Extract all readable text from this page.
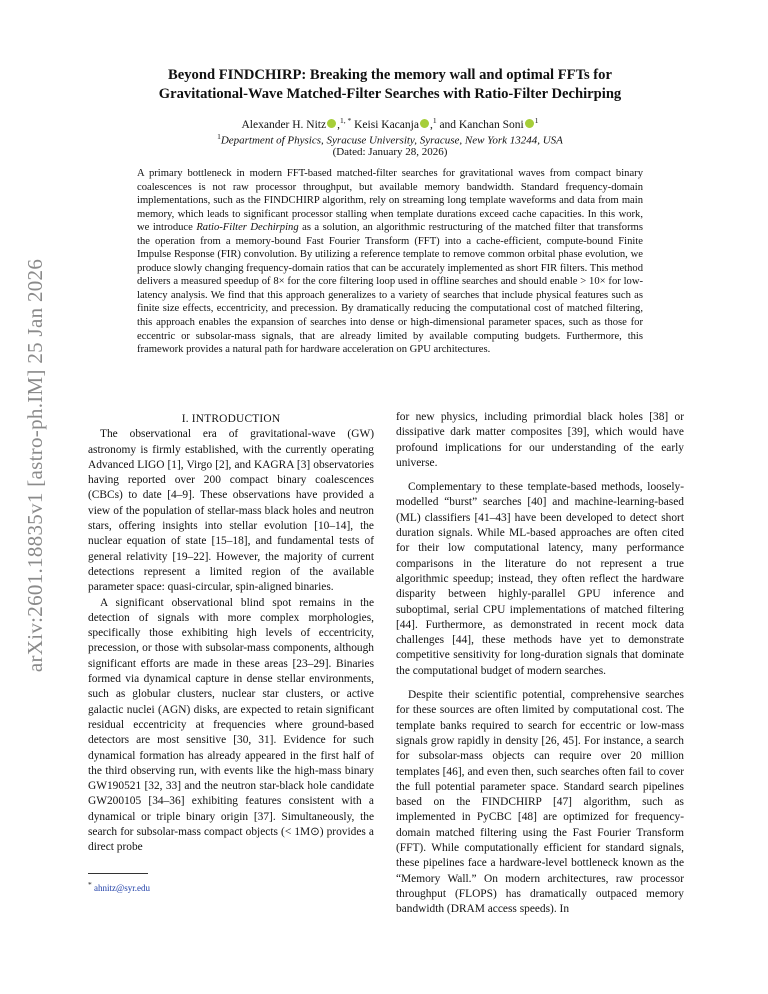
arXiv:2601.18835v1 [astro-ph.IM] 25 Jan 2026
Beyond FINDCHIRP: Breaking the memory wall and optimal FFTs for
Gravitational-Wave Matched-Filter Searches with Ratio-Filter Dechirping
Alexander H. Nitz ,$^{1, *}$ Keisi Kacanja ,$^1$ and Kanchan Soni $^1$
$^1$Department of Physics, Syracuse University, Syracuse, New York 13244, USA
(Dated: January 28, 2026)
A primary bottleneck in modern FFT-based matched-filter searches for gravitational waves from compact binary coalescences is not raw processor throughput, but available memory bandwidth. Standard frequency-domain implementations, such as the FINDCHIRP algorithm, rely on streaming long template waveforms and data from main memory, which leads to significant processor stalling when template durations exceed cache capacities. In this work, we introduce Ratio-Filter Dechirping as a solution, an algorithmic restructuring of the matched filter that transforms the operation from a memory-bound Fast Fourier Transform (FFT) into a cache-efficient, compute-bound Finite Impulse Response (FIR) convolution. By utilizing a reference template to remove common orbital phase evolution, we produce slowly changing frequency-domain ratios that can be accurately implemented as short FIR filters. This method delivers a measured speedup of 8× for the core filtering loop used in offline searches and should enable > 10× for low-latency analysis. We find that this approach generalizes to a variety of searches that include physical features such as finite size effects, eccentricity, and precession. By dramatically reducing the computational cost of matched filtering, this approach enables the expansion of searches into dense or high-dimensional parameter spaces, such as those for eccentric or subsolar-mass signals, that are already limited by available computing budgets. Furthermore, this framework provides a natural path for hardware acceleration on GPU architectures.

I. INTRODUCTION

The observational era of gravitational-wave (GW) astronomy is firmly established, with the currently operating Advanced LIGO [1], Virgo [2], and KAGRA [3] observatories having reported over 200 compact binary coalescences (CBCs) to date [4–9]. These observations have provided a view of the population of stellar-mass black holes and neutron stars, offering insights into stellar evolution [10–14], the nuclear equation of state [15–18], and fundamental tests of general relativity [19–22]. However, the majority of current detections represent a limited region of the available parameter space: quasi-circular, spin-aligned binaries.

A significant observational blind spot remains in the detection of signals with more complex morphologies, specifically those exhibiting high levels of eccentricity, precession, or those with subsolar-mass components, although significant efforts are made in these areas [23–29]. Binaries formed via dynamical capture in dense stellar environments, such as globular clusters, nuclear star clusters, or active galactic nuclei (AGN) disks, are expected to retain significant residual eccentricity at frequencies where ground-based detectors are most sensitive [30, 31]. Evidence for such dynamical formation has already appeared in the first half of the third observing run, with events like the high-mass binary GW190521 [32, 33] and the neutron star-black hole candidate GW200105 [34–36] exhibiting features consistent with a dynamical or triple binary origin [37]. Simultaneously, the search for subsolar-mass compact objects (< 1M⊙) provides a direct probe

for new physics, including primordial black holes [38] or dissipative dark matter composites [39], which would have profound implications for our understanding of the early universe.

Complementary to these template-based methods, loosely-modelled “burst” searches [40] and machine-learning-based (ML) classifiers [41–43] have been developed to detect short duration signals. While ML-based approaches are often cited for their low computational latency, many performance comparisons in the literature do not represent a true algorithmic speedup; instead, they often reflect the hardware disparity between highly-parallel GPU inference and suboptimal, serial CPU implementations of matched filtering [44]. Furthermore, as demonstrated in recent mock data challenges [44], these methods have yet to demonstrate competitive sensitivity for long-duration signals that dominate the computational budget of modern searches.

Despite their scientific potential, comprehensive searches for these sources are often limited by computational cost. The template banks required to search for eccentric or low-mass signals grow rapidly in density [26, 45]. For instance, a search for subsolar-mass objects can require over 20 million templates [46], and even then, such searches often fail to cover the full potential parameter space. Standard search pipelines based on the FINDCHIRP [47] algorithm, such as implemented in PyCBC [48] are optimized for frequency-domain matched filtering using the Fast Fourier Transform (FFT). While computationally efficient for standard signals, these pipelines face a hardware-level bottleneck known as the “Memory Wall.” On modern architectures, raw processor throughput (FLOPS) has dramatically outpaced memory bandwidth (DRAM access speeds). In

* ahnitz@syr.edu
